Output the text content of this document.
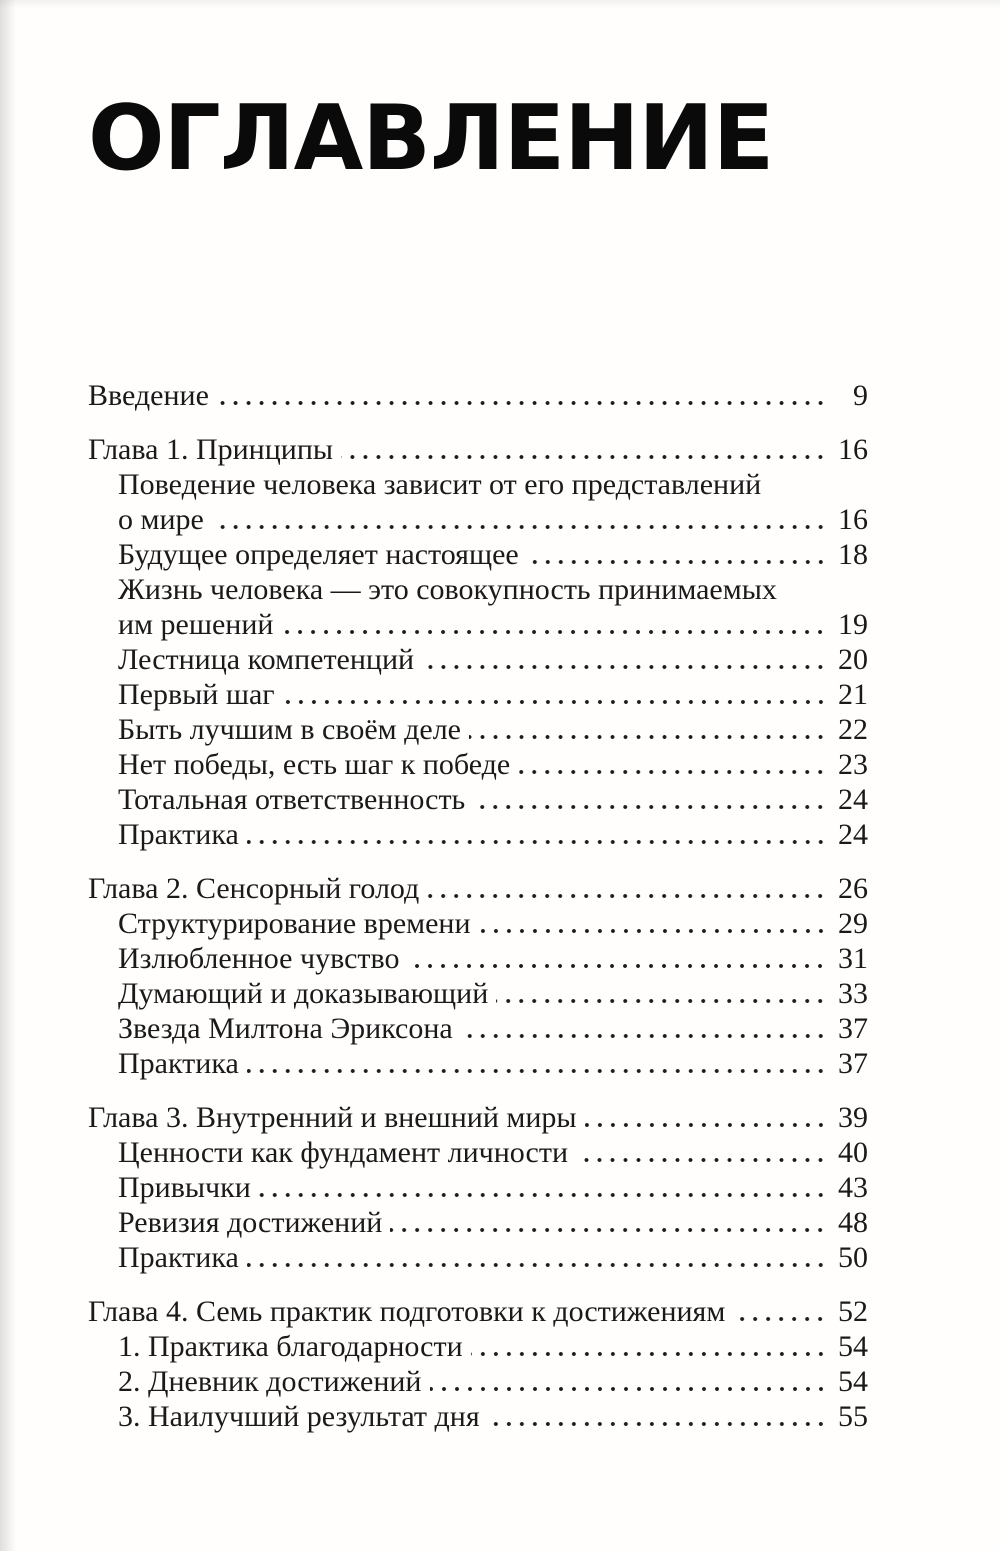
ОГЛАВЛЕНИЕ
Введение	9
Глава 1. Принципы	16
Поведение человека зависит от его представлений
о мире	16
Будущее определяет настоящее	18
Жизнь человека — это совокупность принимаемых
им решений	19
Лестница компетенций	20
Первый шаг	21
Быть лучшим в своём деле	22
Нет победы, есть шаг к победе	23
Тотальная ответственность	24
Практика	24
Глава 2. Сенсорный голод	26
Структурирование времени	29
Излюбленное чувство	31
Думающий и доказывающий	33
Звезда Милтона Эриксона	37
Практика	37
Глава 3. Внутренний и внешний миры	39
Ценности как фундамент личности	40
Привычки	43
Ревизия достижений	48
Практика	50
Глава 4. Семь практик подготовки к достижениям	52
1. Практика благодарности	54
2. Дневник достижений	54
3. Наилучший результат дня	55
